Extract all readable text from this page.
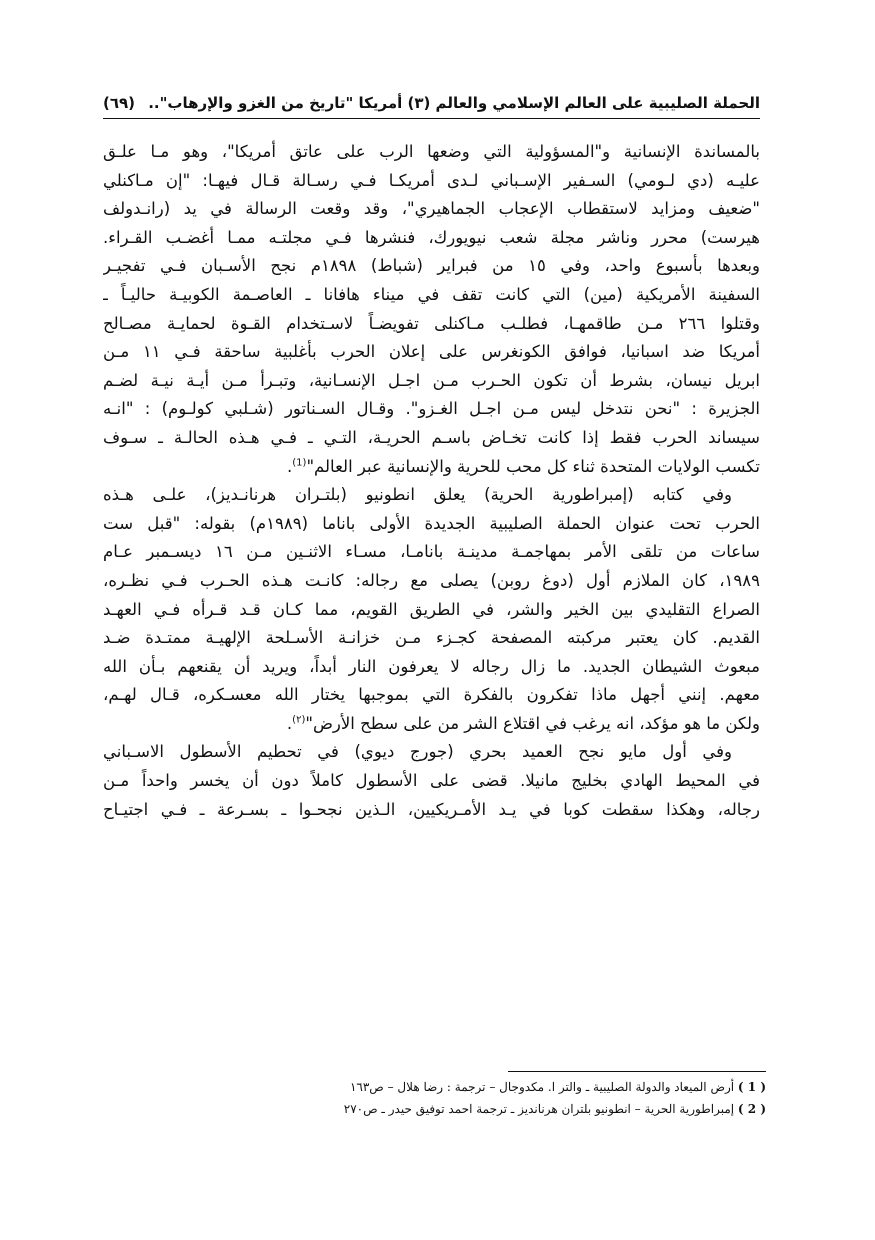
الحملة الصليبية على العالم الإسلامي والعالم (٣) أمريكا "تاريخ من الغزو والإرهاب"..
(٦٩)
بالمساندة الإنسانية و"المسؤولية التي وضعها الرب على عاتق أمريكا"، وهو مـا علـق
عليـه (دي لـومي) السـفير الإسـباني لـدى أمريكـا فـي رسـالة قـال فيهـا: "إن مـاكنلي
"ضعيف ومزايد لاستقطاب الإعجاب الجماهيري"، وقد وقعت الرسالة في يد (رانـدولف
هيرست) محرر وناشر مجلة شعب نيويورك، فنشرها فـي مجلتـه ممـا أغضـب القـراء.
وبعدها بأسبوع واحد، وفي ١٥ من فبراير (شباط) ١٨٩٨م نجح الأسـبان فـي تفجيـر
السفينة الأمريكية (مين) التي كانت تقف في ميناء هافانا ـ العاصـمة الكوبيـة حاليـاً ـ
وقتلوا ٢٦٦ مـن طاقمهـا، فطلـب مـاكنلى تفويضـاً لاسـتخدام القـوة لحمايـة مصـالح
أمريكا ضد اسبانيا، فوافق الكونغرس على إعلان الحرب بأغلبية ساحقة فـي ١١ مـن
ابريل نيسان، بشرط أن تكون الحـرب مـن اجـل الإنسـانية، وتبـرأ مـن أيـة نيـة لضـم
الجزيرة : "نحن نتدخل ليس مـن اجـل الغـزو". وقـال السـناتور (شـلبي كولـوم) : "انـه
سيساند الحرب فقط إذا كانت تخـاض باسـم الحريـة، التـي ـ فـي هـذه الحالـة ـ سـوف
تكسب الولايات المتحدة ثناء كل محب للحرية والإنسانية عبر العالم"$^{(1)}$.
وفي كتابه (إمبراطورية الحرية) يعلق انطونيو (بلتـران هرنانـديز)، علـى هـذه
الحرب تحت عنوان الحملة الصليبية الجديدة الأولى باناما (١٩٨٩م) بقوله: "قبل ست
ساعات من تلقى الأمر بمهاجمـة مدينـة بانامـا، مسـاء الاثنـين مـن ١٦ ديسـمبر عـام
١٩٨٩، كان الملازم أول (دوغ روبن) يصلى مع رجاله: كانـت هـذه الحـرب فـي نظـره،
الصراع التقليدي بين الخير والشر، في الطريق القويم، مما كـان قـد قـرأه فـي العهـد
القديم. كان يعتبر مركبته المصفحة كجـزء مـن خزانـة الأسـلحة الإلهيـة ممتـدة ضـد
مبعوث الشيطان الجديد. ما زال رجاله لا يعرفون النار أبداً، ويريد أن يقنعهم بـأن الله
معهم. إنني أجهل ماذا تفكرون بالفكرة التي بموجبها يختار الله معسـكره، قـال لهـم،
ولكن ما هو مؤكد، انه يرغب في اقتلاع الشر من على سطح الأرض"$^{(٢)}$.
وفي أول مايو نجح العميد بحري (جورج ديوي) في تحطيم الأسطول الاسـباني
في المحيط الهادي بخليج مانيلا. قضى على الأسطول كاملاً دون أن يخسر واحداً مـن
رجاله، وهكذا سقطت كوبا في يـد الأمـريكيين، الـذين نجحـوا ـ بسـرعة ـ فـي اجتيـاح
( 1 ) أرض الميعاد والدولة الصليبية ـ والتر ا. مكدوجال – ترجمة : رضا هلال – ص١٦٣
( 2 ) إمبراطورية الحرية – انطونيو بلتران هرنانديز ـ ترجمة احمد توفيق حيدر ـ ص٢٧٠
